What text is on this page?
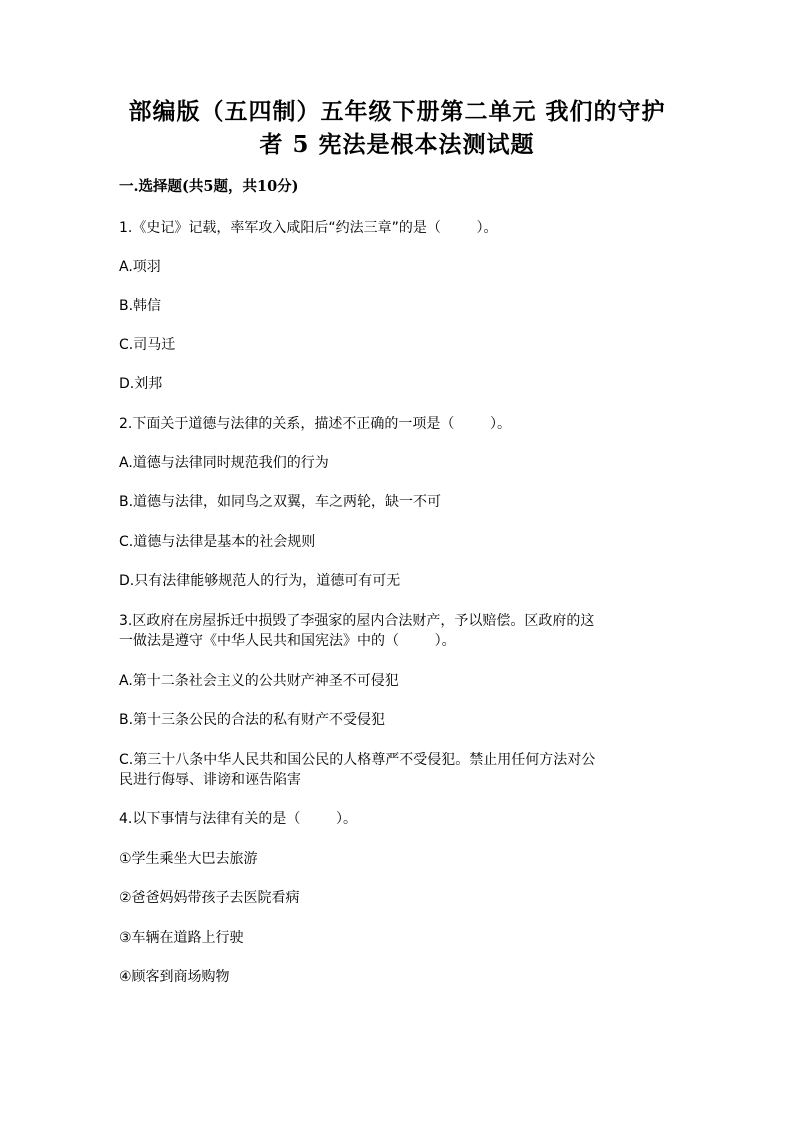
部编版（五四制）五年级下册第二单元 我们的守护
者 5 宪法是根本法测试题
一.选择题(共5题，共10分)
1.《史记》记载，率军攻入咸阳后“约法三章”的是（        ）。
A.项羽
B.韩信
C.司马迁
D.刘邦
2.下面关于道德与法律的关系，描述不正确的一项是（        ）。
A.道德与法律同时规范我们的行为
B.道德与法律，如同鸟之双翼，车之两轮，缺一不可
C.道德与法律是基本的社会规则
D.只有法律能够规范人的行为，道德可有可无
3.区政府在房屋拆迁中损毁了李强家的屋内合法财产，予以赔偿。区政府的这
一做法是遵守《中华人民共和国宪法》中的（        ）。
A.第十二条社会主义的公共财产神圣不可侵犯
B.第十三条公民的合法的私有财产不受侵犯
C.第三十八条中华人民共和国公民的人格尊严不受侵犯。禁止用任何方法对公
民进行侮辱、诽谤和诬告陷害
4.以下事情与法律有关的是（        ）。
①学生乘坐大巴去旅游
②爸爸妈妈带孩子去医院看病
③车辆在道路上行驶
④顾客到商场购物
